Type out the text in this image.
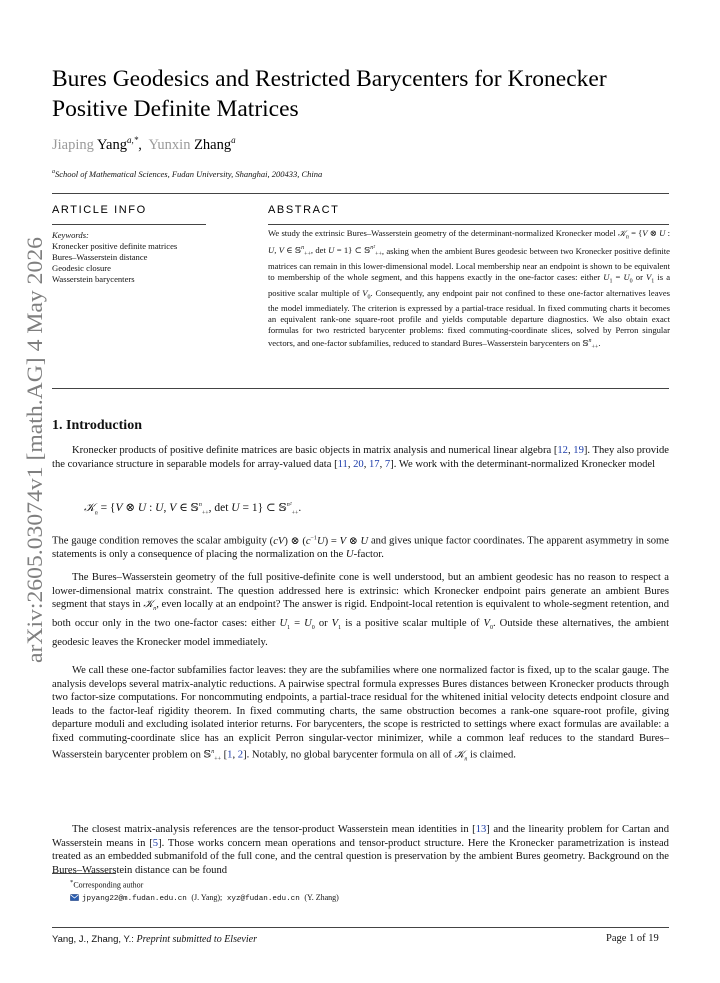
arXiv:2605.03074v1 [math.AG] 4 May 2026
Bures Geodesics and Restricted Barycenters for Kronecker Positive Definite Matrices
Jiaping Yang$^{a,*}$,  Yunxin Zhang$^a$
$^a$School of Mathematical Sciences, Fudan University, Shanghai, 200433, China
ARTICLE INFO
Keywords:
Kronecker positive definite matrices
Bures–Wasserstein distance
Geodesic closure
Wasserstein barycenters
ABSTRACT
We study the extrinsic Bures–Wasserstein geometry of the determinant-normalized Kronecker model 𝒦$_n$ = {V ⊗ U : U, V ∈ 𝕊$^n_{++}$, det U = 1} ⊂ 𝕊$^{n^2}_{++}$, asking when the ambient Bures geodesic between two Kronecker positive definite matrices can remain in this lower-dimensional model. Local membership near an endpoint is shown to be equivalent to membership of the whole segment, and this happens exactly in the one-factor cases: either $U_1 = U_0$ or $V_1$ is a positive scalar multiple of $V_0$. Consequently, any endpoint pair not confined to these one-factor alternatives leaves the model immediately. The criterion is expressed by a partial-trace residual. In fixed commuting charts it becomes an equivalent rank-one square-root profile and yields computable departure diagnostics. We also obtain exact formulas for two restricted barycenter problems: fixed commuting-coordinate slices, solved by Perron singular vectors, and one-factor subfamilies, reduced to standard Bures–Wasserstein barycenters on 𝕊$^n_{++}$.
1. Introduction

Kronecker products of positive definite matrices are basic objects in matrix analysis and numerical linear algebra [12, 19]. They also provide the covariance structure in separable models for array-valued data [11, 20, 17, 7]. We work with the determinant-normalized Kronecker model

𝒦$_n$ = {V ⊗ U : U, V ∈ 𝕊$^n_{++}$, det U = 1} ⊂ 𝕊$^{n^2}_{++}$.

The gauge condition removes the scalar ambiguity (cV) ⊗ $(c^{-1}U) = V$ ⊗ U and gives unique factor coordinates. The apparent asymmetry in some statements is only a consequence of placing the normalization on the U-factor.

The Bures–Wasserstein geometry of the full positive-definite cone is well understood, but an ambient geodesic has no reason to respect a lower-dimensional matrix constraint. The question addressed here is extrinsic: which Kronecker endpoint pairs generate an ambient Bures segment that stays in 𝒦$_n$, even locally at an endpoint? The answer is rigid. Endpoint-local retention is equivalent to whole-segment retention, and both occur only in the two one-factor cases: either $U_1 = U_0$ or $V_1$ is a positive scalar multiple of $V_0$. Outside these alternatives, the ambient geodesic leaves the Kronecker model immediately.

We call these one-factor subfamilies factor leaves: they are the subfamilies where one normalized factor is fixed, up to the scalar gauge. The analysis develops several matrix-analytic reductions. A pairwise spectral formula expresses Bures distances between Kronecker products through two factor-size computations. For noncommuting endpoints, a partial-trace residual for the whitened initial velocity detects endpoint closure and leads to the factor-leaf rigidity theorem. In fixed commuting charts, the same obstruction becomes a rank-one square-root profile, giving departure moduli and excluding isolated interior returns. For barycenters, the scope is restricted to settings where exact formulas are available: a fixed commuting-coordinate slice has an explicit Perron singular-vector minimizer, while a common leaf reduces to the standard Bures–Wasserstein barycenter problem on 𝕊$^n_{++}$ [1, 2]. Notably, no global barycenter formula on all of 𝒦$_n$ is claimed.

The closest matrix-analysis references are the tensor-product Wasserstein mean identities in [13] and the linearity problem for Cartan and Wasserstein means in [5]. Those works concern mean operations and tensor-product structure. Here the Kronecker parametrization is instead treated as an embedded submanifold of the full cone, and the central question is preservation by the ambient Bures geometry. Background on the Bures–Wasserstein distance can be found

*Corresponding author
jpyang22@m.fudan.edu.cn (J. Yang); xyz@fudan.edu.cn (Y. Zhang)
Yang, J., Zhang, Y.: Preprint submitted to Elsevier	Page 1 of 19
